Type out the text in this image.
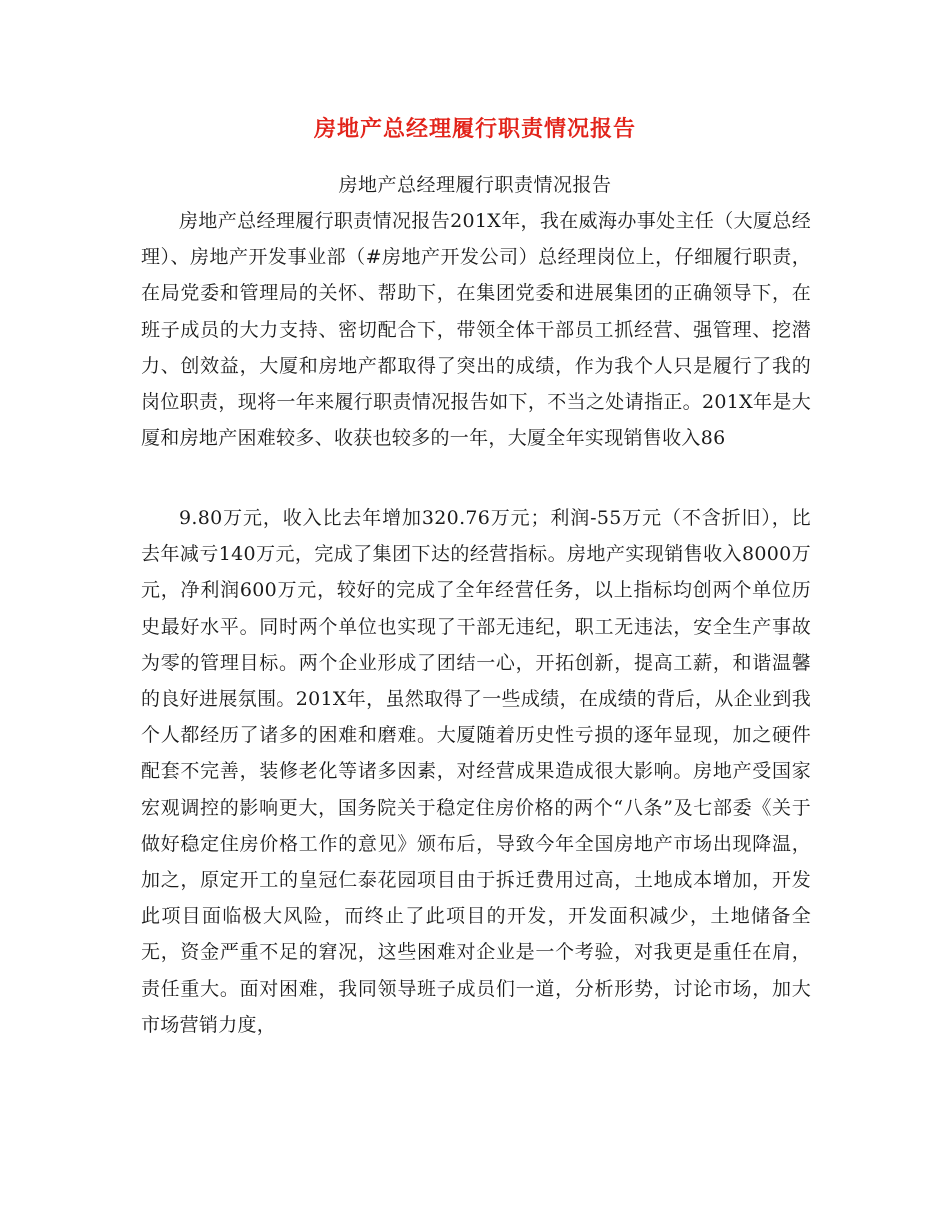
房地产总经理履行职责情况报告
房地产总经理履行职责情况报告

房地产总经理履行职责情况报告201X年，我在威海办事处主任（大厦总经理）、房地产开发事业部（#房地产开发公司）总经理岗位上，仔细履行职责，在局党委和管理局的关怀、帮助下，在集团党委和进展集团的正确领导下，在班子成员的大力支持、密切配合下，带领全体干部员工抓经营、强管理、挖潜力、创效益，大厦和房地产都取得了突出的成绩，作为我个人只是履行了我的岗位职责，现将一年来履行职责情况报告如下，不当之处请指正。201X年是大厦和房地产困难较多、收获也较多的一年，大厦全年实现销售收入86

9.80万元，收入比去年增加320.76万元；利润-55万元（不含折旧），比去年减亏140万元，完成了集团下达的经营指标。房地产实现销售收入8000万元，净利润600万元，较好的完成了全年经营任务，以上指标均创两个单位历史最好水平。同时两个单位也实现了干部无违纪，职工无违法，安全生产事故为零的管理目标。两个企业形成了团结一心，开拓创新，提高工薪，和谐温馨的良好进展氛围。201X年，虽然取得了一些成绩，在成绩的背后，从企业到我个人都经历了诸多的困难和磨难。大厦随着历史性亏损的逐年显现，加之硬件配套不完善，装修老化等诸多因素，对经营成果造成很大影响。房地产受国家宏观调控的影响更大，国务院关于稳定住房价格的两个“八条”及七部委《关于做好稳定住房价格工作的意见》颁布后，导致今年全国房地产市场出现降温，加之，原定开工的皇冠仁泰花园项目由于拆迁费用过高，土地成本增加，开发此项目面临极大风险，而终止了此项目的开发，开发面积减少，土地储备全无，资金严重不足的窘况，这些困难对企业是一个考验，对我更是重任在肩，责任重大。面对困难，我同领导班子成员们一道，分析形势，讨论市场，加大市场营销力度，
